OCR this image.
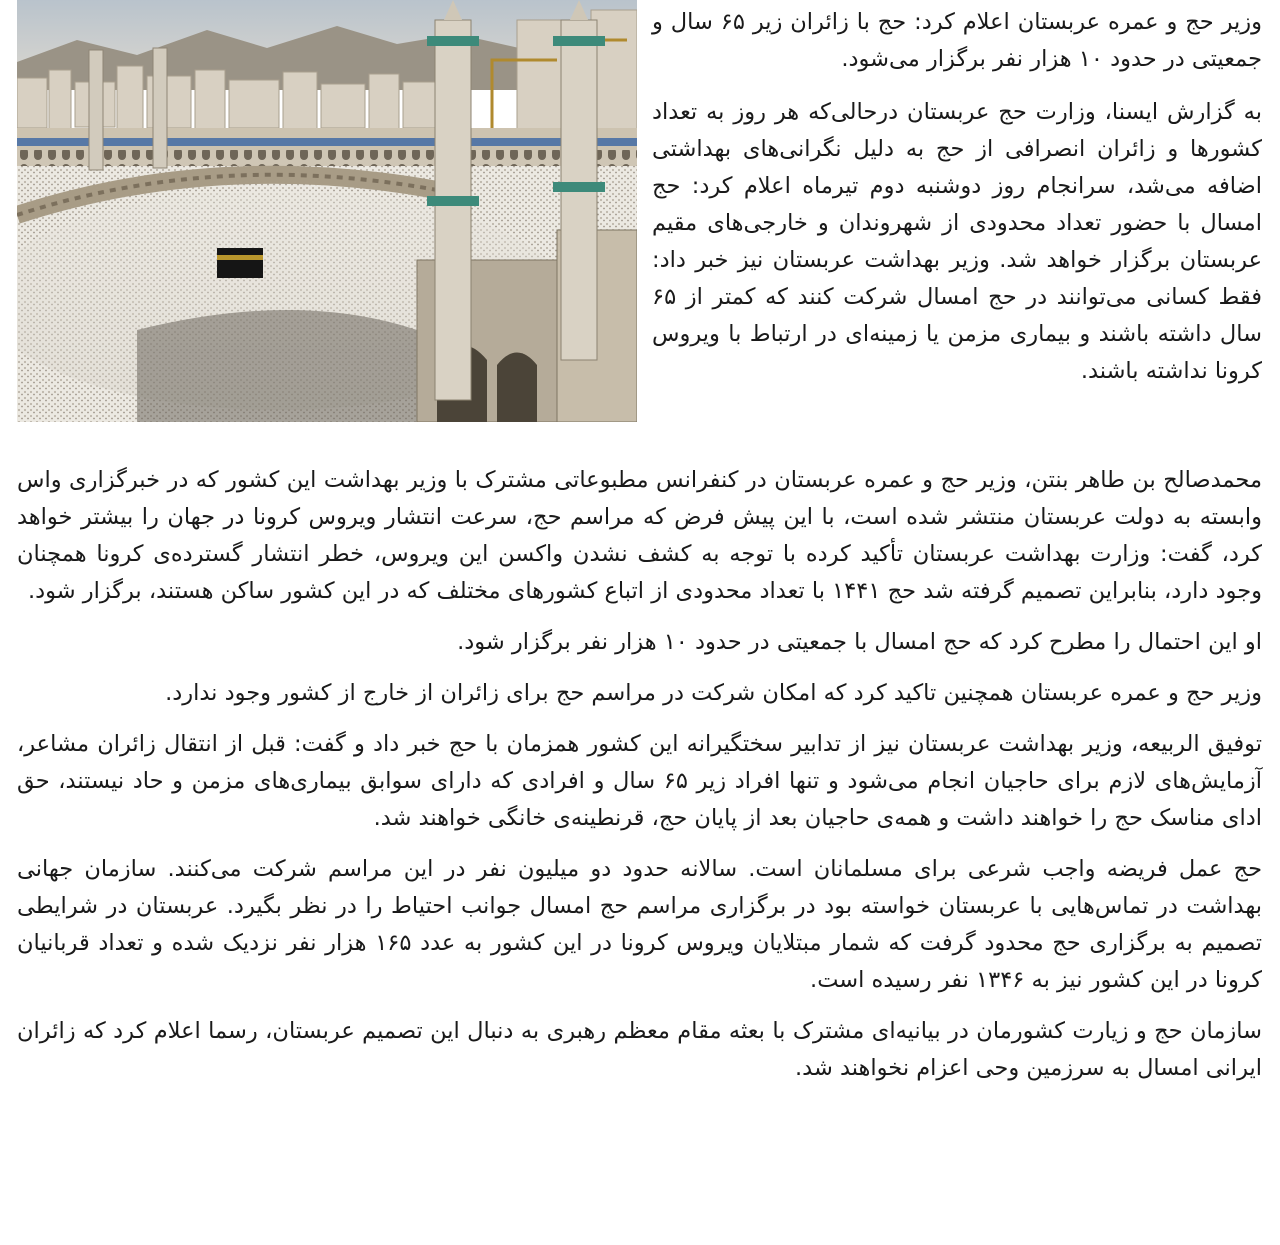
وزیر حج و عمره عربستان اعلام کرد: حج با زائران زیر ۶۵ سال و جمعیتی در حدود ۱۰ هزار نفر برگزار می‌شود.

به گزارش ایسنا، وزارت حج عربستان درحالی‌که هر روز به تعداد کشورها و زائران انصرافی از حج به دلیل نگرانی‌های بهداشتی اضافه می‌شد، سرانجام روز دوشنبه دوم تیرماه اعلام کرد: حج امسال با حضور تعداد محدودی از شهروندان و خارجی‌های مقیم عربستان برگزار خواهد شد. وزیر بهداشت عربستان نیز خبر داد: فقط کسانی می‌توانند در حج امسال شرکت کنند که کمتر از ۶۵ سال داشته باشند و بیماری مزمن یا زمینه‌ای در ارتباط با ویروس کرونا نداشته باشند.

محمدصالح بن طاهر بنتن، وزیر حج و عمره عربستان در کنفرانس مطبوعاتی مشترک با وزیر بهداشت این کشور که در خبرگزاری واس وابسته به دولت عربستان منتشر شده است، با این پیش فرض که مراسم حج، سرعت انتشار ویروس کرونا در جهان را بیشتر خواهد کرد، گفت: وزارت بهداشت عربستان تأکید کرده با توجه به کشف نشدن واکسن این ویروس، خطر انتشار گسترده‌ی کرونا همچنان وجود دارد، بنابراین تصمیم گرفته شد حج ۱۴۴۱ با تعداد محدودی از اتباع کشورهای مختلف که در این کشور ساکن هستند، برگزار شود.

او این احتمال را مطرح کرد که حج امسال با جمعیتی در حدود ۱۰ هزار نفر برگزار شود.

وزیر حج و عمره عربستان همچنین تاکید کرد که امکان شرکت در مراسم حج برای زائران از خارج از کشور وجود ندارد.

توفیق الربیعه، وزیر بهداشت عربستان نیز از تدابیر سختگیرانه این کشور همزمان با حج خبر داد و گفت: قبل از انتقال زائران مشاعر، آزمایش‌های لازم برای حاجیان انجام می‌شود و تنها افراد زیر ۶۵ سال و افرادی که دارای سوابق بیماری‌های مزمن و حاد نیستند، حق ادای مناسک حج را خواهند داشت و همه‌ی حاجیان بعد از پایان حج، قرنطینه‌ی خانگی خواهند شد.

حج عمل فریضه واجب شرعی برای مسلمانان است. سالانه حدود دو میلیون نفر در این مراسم شرکت می‌کنند. سازمان جهانی بهداشت در تماس‌هایی با عربستان خواسته بود در برگزاری مراسم حج امسال جوانب احتیاط را در نظر بگیرد. عربستان در شرایطی تصمیم به برگزاری حج محدود گرفت که شمار مبتلایان ویروس کرونا در این کشور به عدد ۱۶۵ هزار نفر نزدیک شده و تعداد قربانیان کرونا در این کشور نیز به ۱۳۴۶ نفر رسیده است.

سازمان حج و زیارت کشورمان در بیانیه‌ای مشترک با بعثه مقام معظم رهبری به دنبال این تصمیم عربستان، رسما اعلام کرد که زائران ایرانی امسال به سرزمین وحی اعزام نخواهند شد.
